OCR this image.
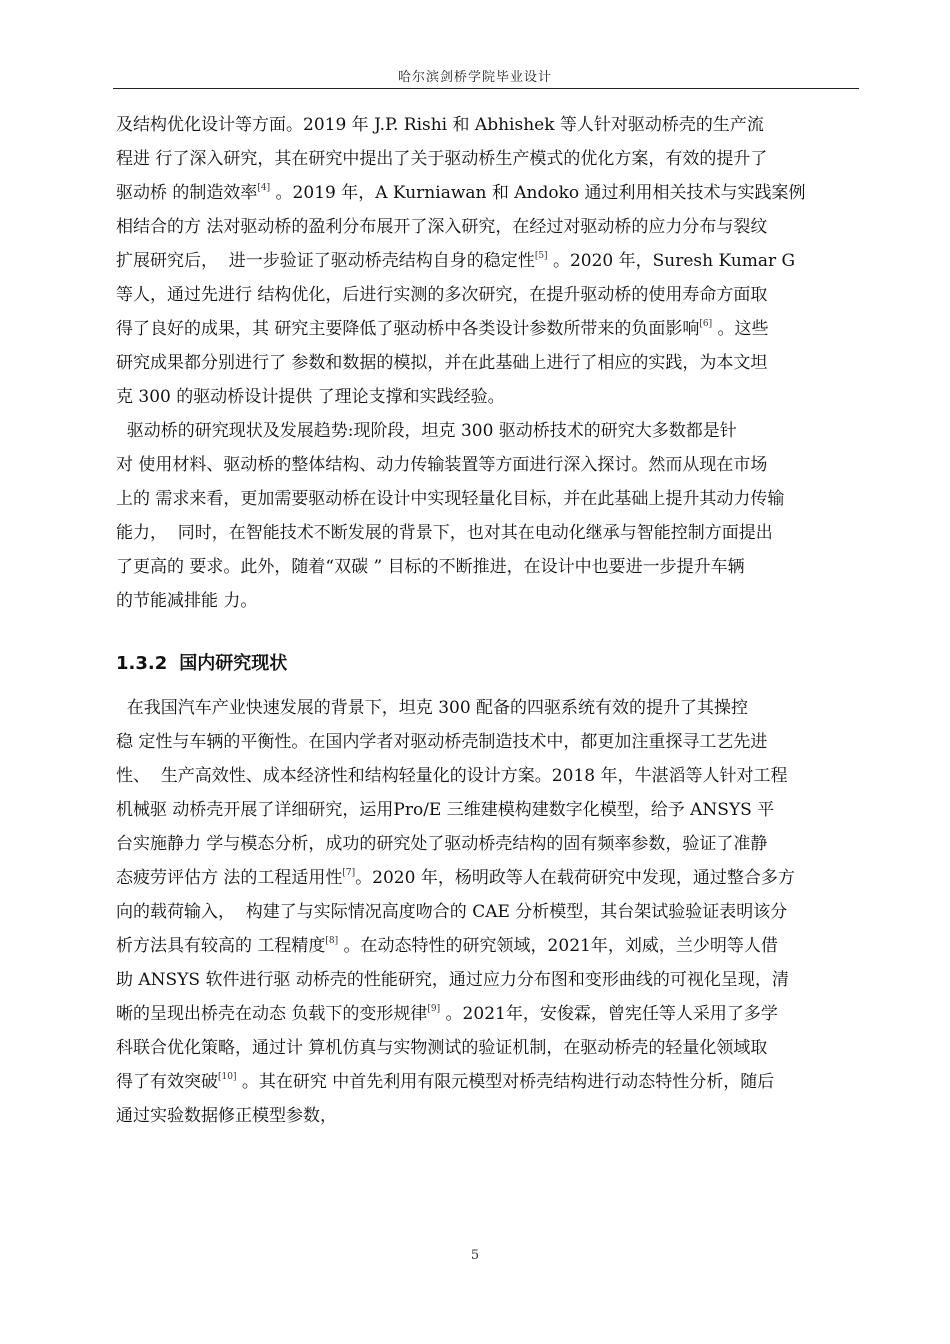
哈尔滨剑桥学院毕业设计
及结构优化设计等方面。2019 年 J.P. Rishi 和 Abhishek 等人针对驱动桥壳的生产流
程进 行了深入研究，其在研究中提出了关于驱动桥生产模式的优化方案，有效的提升了
驱动桥 的制造效率[4] 。2019 年，A Kurniawan 和 Andoko 通过利用相关技术与实践案例
相结合的方 法对驱动桥的盈利分布展开了深入研究，在经过对驱动桥的应力分布与裂纹
扩展研究后，  进一步验证了驱动桥壳结构自身的稳定性[5] 。2020 年，Suresh Kumar G
等人，通过先进行 结构优化，后进行实测的多次研究，在提升驱动桥的使用寿命方面取
得了良好的成果，其 研究主要降低了驱动桥中各类设计参数所带来的负面影响[6] 。这些
研究成果都分别进行了 参数和数据的模拟，并在此基础上进行了相应的实践，为本文坦
克 300 的驱动桥设计提供 了理论支撑和实践经验。
驱动桥的研究现状及发展趋势:现阶段，坦克 300 驱动桥技术的研究大多数都是针
对 使用材料、驱动桥的整体结构、动力传输装置等方面进行深入探讨。然而从现在市场
上的 需求来看，更加需要驱动桥在设计中实现轻量化目标，并在此基础上提升其动力传输
能力，  同时，在智能技术不断发展的背景下，也对其在电动化继承与智能控制方面提出
了更高的 要求。此外，随着“双碳 ” 目标的不断推进，在设计中也要进一步提升车辆
的节能减排能 力。
1.3.2 国内研究现状
在我国汽车产业快速发展的背景下，坦克 300 配备的四驱系统有效的提升了其操控
稳 定性与车辆的平衡性。在国内学者对驱动桥壳制造技术中，都更加注重探寻工艺先进
性、  生产高效性、成本经济性和结构轻量化的设计方案。2018 年，牛湛滔等人针对工程
机械驱 动桥壳开展了详细研究，运用Pro/E 三维建模构建数字化模型，给予 ANSYS 平
台实施静力 学与模态分析，成功的研究处了驱动桥壳结构的固有频率参数，验证了准静
态疲劳评估方 法的工程适用性[7]。2020 年，杨明政等人在载荷研究中发现，通过整合多方
向的载荷输入，  构建了与实际情况高度吻合的 CAE 分析模型，其台架试验验证表明该分
析方法具有较高的 工程精度[8] 。在动态特性的研究领域，2021年，刘威，兰少明等人借
助 ANSYS 软件进行驱 动桥壳的性能研究，通过应力分布图和变形曲线的可视化呈现，清
晰的呈现出桥壳在动态 负载下的变形规律[9] 。2021年，安俊霖，曾宪任等人采用了多学
科联合优化策略，通过计 算机仿真与实物测试的验证机制，在驱动桥壳的轻量化领域取
得了有效突破[10] 。其在研究 中首先利用有限元模型对桥壳结构进行动态特性分析，随后
通过实验数据修正模型参数，
5
